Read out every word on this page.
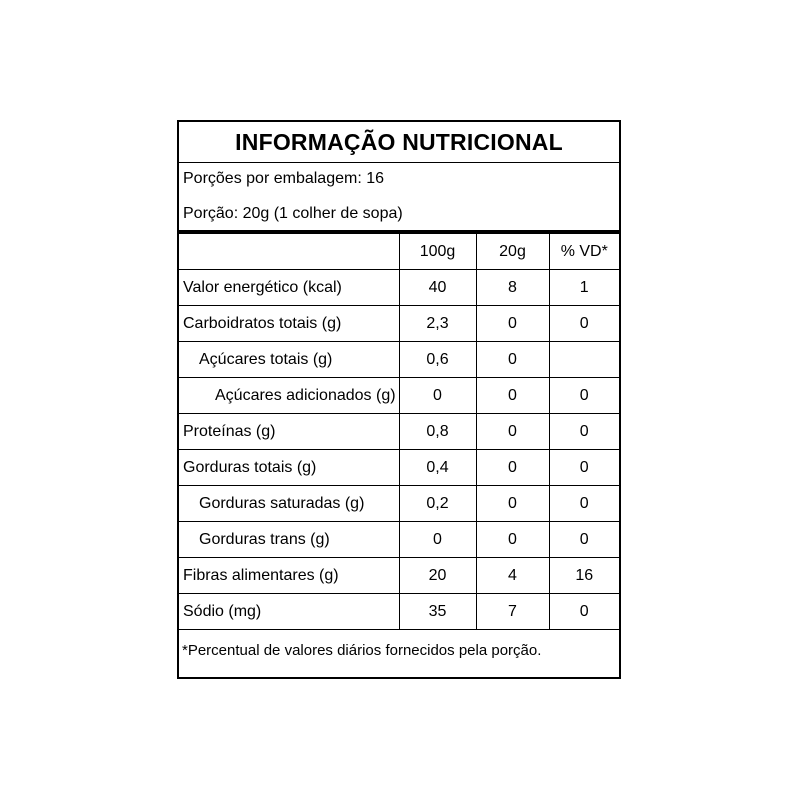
INFORMAÇÃO NUTRICIONAL
Porções por embalagem: 16
Porção: 20g (1 colher de sopa)
	100g	20g	% VD*
Valor energético (kcal)	40	8	1
Carboidratos totais (g)	2,3	0	0
Açúcares totais (g)	0,6	0	
Açúcares adicionados (g)	0	0	0
Proteínas (g)	0,8	0	0
Gorduras totais (g)	0,4	0	0
Gorduras saturadas (g)	0,2	0	0
Gorduras trans (g)	0	0	0
Fibras alimentares (g)	20	4	16
Sódio (mg)	35	7	0
*Percentual de valores diários fornecidos pela porção.
